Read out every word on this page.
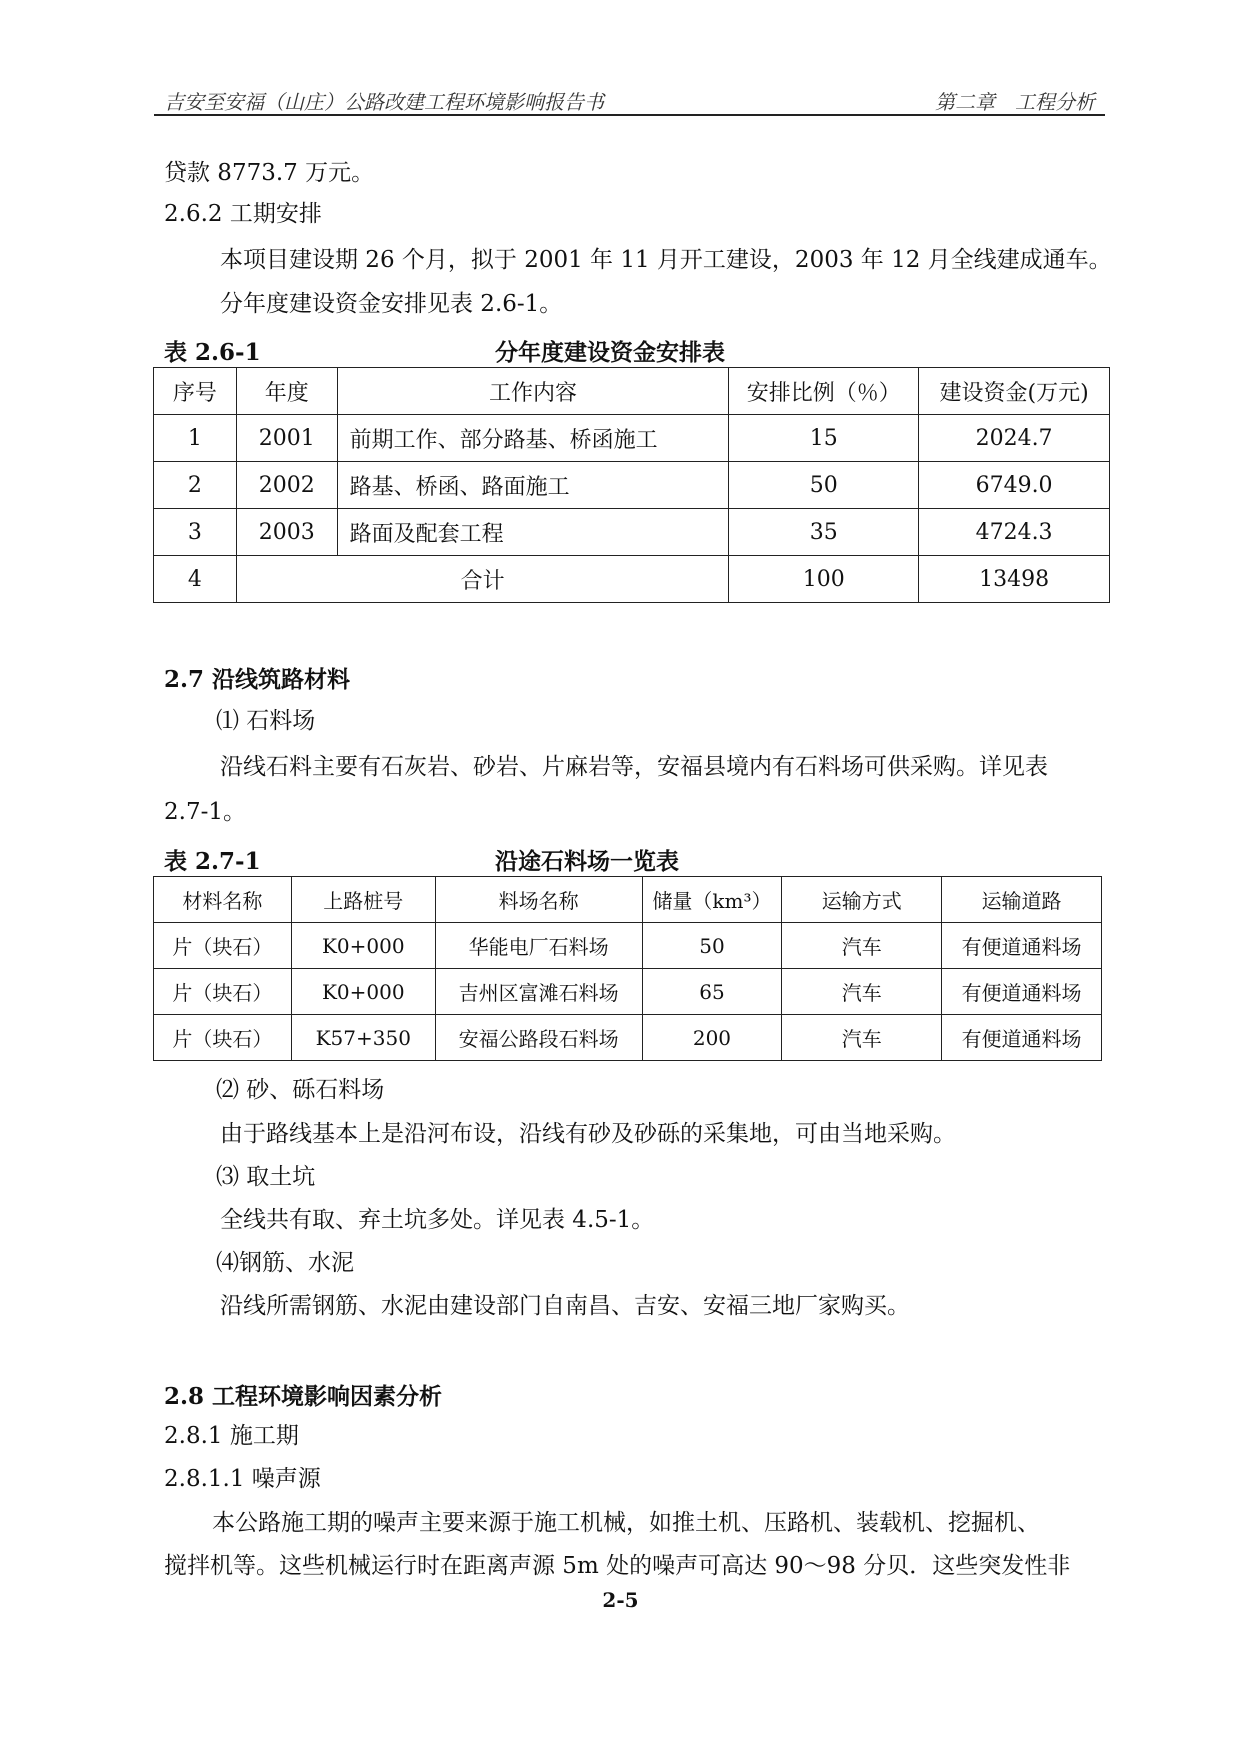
吉安至安福（山庄）公路改建工程环境影响报告书	第二章　工程分析
贷款 8773.7 万元。
2.6.2 工期安排
本项目建设期 26 个月，拟于 2001 年 11 月开工建设，2003 年 12 月全线建成通车。
分年度建设资金安排见表 2.6-1。
表 2.6-1	分年度建设资金安排表
序号	年度	工作内容	安排比例（％）	建设资金(万元)
1	2001	前期工作、部分路基、桥函施工	15	2024.7
2	2002	路基、桥函、路面施工	50	6749.0
3	2003	路面及配套工程	35	4724.3
4	合计		100	13498
2.7 沿线筑路材料
⑴ 石料场
沿线石料主要有石灰岩、砂岩、片麻岩等，安福县境内有石料场可供采购。详见表
2.7-1。
表 2.7-1	沿途石料场一览表
材料名称	上路桩号	料场名称	储量（km³）	运输方式	运输道路
片（块石）	K0+000	华能电厂石料场	50	汽车	有便道通料场
片（块石）	K0+000	吉州区富滩石料场	65	汽车	有便道通料场
片（块石）	K57+350	安福公路段石料场	200	汽车	有便道通料场
⑵ 砂、砾石料场
由于路线基本上是沿河布设，沿线有砂及砂砾的采集地，可由当地采购。
⑶ 取土坑
全线共有取、弃土坑多处。详见表 4.5-1。
⑷钢筋、水泥
沿线所需钢筋、水泥由建设部门自南昌、吉安、安福三地厂家购买。
2.8 工程环境影响因素分析
2.8.1 施工期
2.8.1.1 噪声源
本公路施工期的噪声主要来源于施工机械，如推土机、压路机、装载机、挖掘机、
搅拌机等。这些机械运行时在距离声源 5m 处的噪声可高达 90～98 分贝．这些突发性非
2-5
